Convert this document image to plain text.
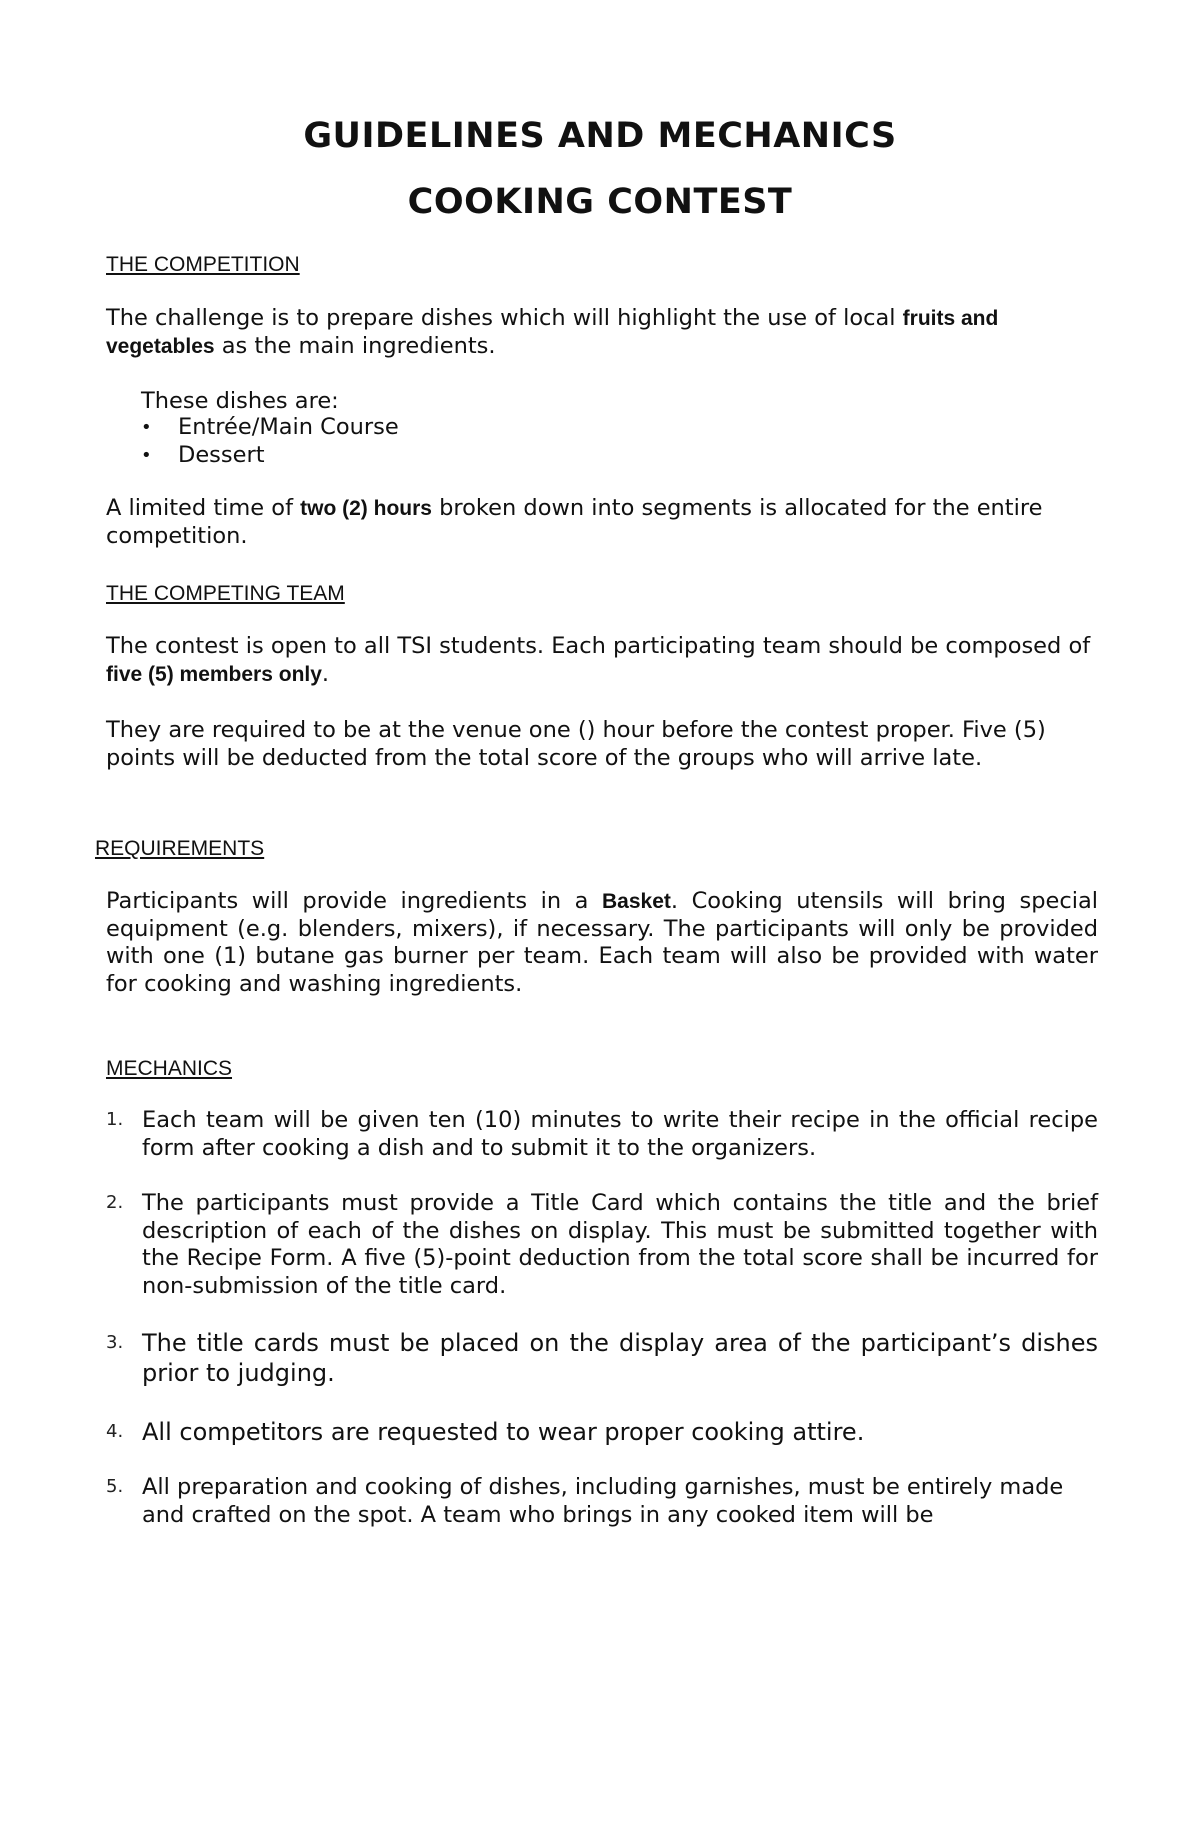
GUIDELINES AND MECHANICS
COOKING CONTEST

THE COMPETITION

The challenge is to prepare dishes which will highlight the use of local fruits and vegetables as the main ingredients.

These dishes are:

• Entrée/Main Course
• Dessert

A limited time of two (2) hours broken down into segments is allocated for the entire competition.

THE COMPETING TEAM

The contest is open to all TSI students. Each participating team should be composed of five (5) members only.

They are required to be at the venue one () hour before the contest proper. Five (5) points will be deducted from the total score of the groups who will arrive late.

REQUIREMENTS

Participants will provide ingredients in a Basket. Cooking utensils will bring special equipment (e.g. blenders, mixers), if necessary. The participants will only be provided with one (1) butane gas burner per team. Each team will also be provided with water for cooking and washing ingredients.

MECHANICS

1. Each team will be given ten (10) minutes to write their recipe in the official recipe form after cooking a dish and to submit it to the organizers.
2. The participants must provide a Title Card which contains the title and the brief description of each of the dishes on display. This must be submitted together with the Recipe Form. A five (5)-point deduction from the total score shall be incurred for non-submission of the title card.
3. The title cards must be placed on the display area of the participant’s dishes prior to judging.
4. All competitors are requested to wear proper cooking attire.
5. All preparation and cooking of dishes, including garnishes, must be entirely made and crafted on the spot. A team who brings in any cooked item will be
